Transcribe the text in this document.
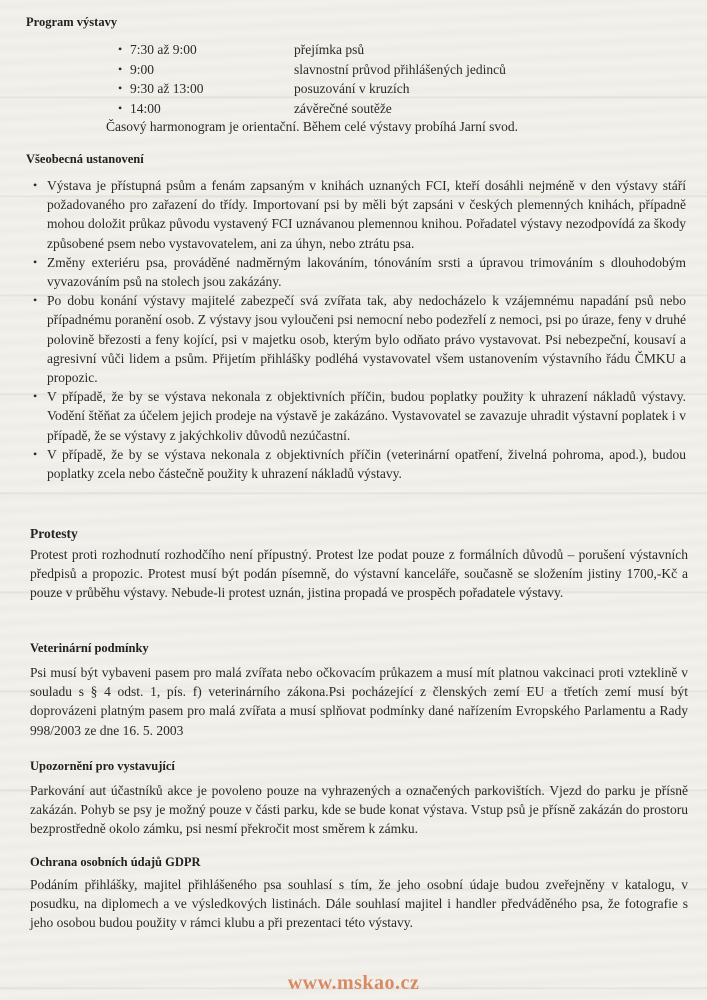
Program výstavy
7:30 až 9:00	přejímka psů
9:00	slavnostní průvod přihlášených jedinců
9:30 až 13:00	posuzování v kruzích
14:00	závěrečné soutěže
Časový harmonogram je orientační. Během celé výstavy probíhá Jarní svod.
Všeobecná ustanovení
• Výstava je přístupná psům a fenám zapsaným v knihách uznaných FCI, kteří dosáhli nejméně v den výstavy stáří požadovaného pro zařazení do třídy. Importovaní psi by měli být zapsáni v českých plemenných knihách, případně mohou doložit průkaz původu vystavený FCI uznávanou plemennou knihou. Pořadatel výstavy nezodpovídá za škody způsobené psem nebo vystavovatelem, ani za úhyn, nebo ztrátu psa.
• Změny exteriéru psa, prováděné nadměrným lakováním, tónováním srsti a úpravou trimováním s dlouhodobým vyvazováním psů na stolech jsou zakázány.
• Po dobu konání výstavy majitelé zabezpečí svá zvířata tak, aby nedocházelo k vzájemnému napadání psů nebo případnému poranění osob. Z výstavy jsou vyloučeni psi nemocní nebo podezřelí z nemoci, psi po úraze, feny v druhé polovině březosti a feny kojící, psi v majetku osob, kterým bylo odňato právo vystavovat. Psi nebezpeční, kousaví a agresivní vůči lidem a psům. Přijetím přihlášky podléhá vystavovatel všem ustanovením výstavního řádu ČMKU a propozic.
• V případě, že by se výstava nekonala z objektivních příčin, budou poplatky použity k uhrazení nákladů výstavy. Vodění štěňat za účelem jejich prodeje na výstavě je zakázáno. Vystavovatel se zavazuje uhradit výstavní poplatek i v případě, že se výstavy z jakýchkoliv důvodů nezúčastní.
• V případě, že by se výstava nekonala z objektivních příčin (veterinární opatření, živelná pohroma, apod.), budou poplatky zcela nebo částečně použity k uhrazení nákladů výstavy.
Protesty

Protest proti rozhodnutí rozhodčího není přípustný. Protest lze podat pouze z formálních důvodů – porušení výstavních předpisů a propozic. Protest musí být podán písemně, do výstavní kanceláře, současně se složením jistiny 1700,-Kč a pouze v průběhu výstavy. Nebude-li protest uznán, jistina propadá ve prospěch pořadatele výstavy.

Veterinární podmínky

Psi musí být vybaveni pasem pro malá zvířata nebo očkovacím průkazem a musí mít platnou vakcinaci proti vzteklině v souladu s § 4 odst. 1, pís. f) veterinárního zákona.Psi pocházející z členských zemí EU a třetích zemí musí být doprovázeni platným pasem pro malá zvířata a musí splňovat podmínky dané nařízením Evropského Parlamentu a Rady 998/2003 ze dne 16. 5. 2003

Upozornění pro vystavující

Parkování aut účastníků akce je povoleno pouze na vyhrazených a označených parkovištích. Vjezd do parku je přísně zakázán. Pohyb se psy je možný pouze v části parku, kde se bude konat výstava. Vstup psů je přísně zakázán do prostoru bezprostředně okolo zámku, psi nesmí překročit most směrem k zámku.

Ochrana osobních údajů GDPR

Podáním přihlášky, majitel přihlášeného psa souhlasí s tím, že jeho osobní údaje budou zveřejněny v katalogu, v posudku, na diplomech a ve výsledkových listinách. Dále souhlasí majitel i handler předváděného psa, že fotografie s jeho osobou budou použity v rámci klubu a při prezentaci této výstavy.

www.mskao.cz
